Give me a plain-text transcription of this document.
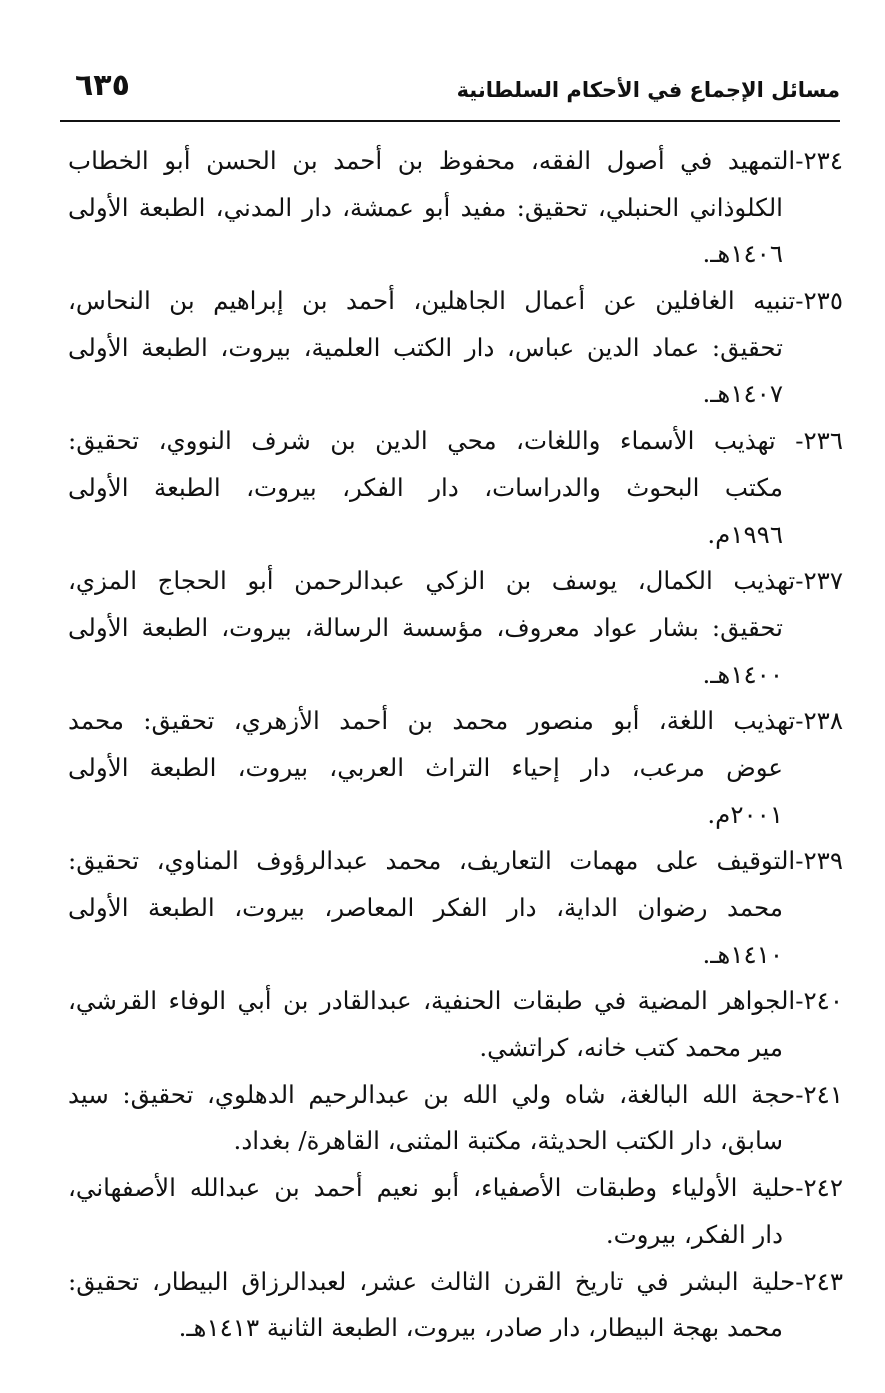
٦٣٥	مسائل الإجماع في الأحكام السلطانية
٢٣٤-التمهيد في أصول الفقه، محفوظ بن أحمد بن الحسن أبو الخطاب
الكلوذاني الحنبلي، تحقيق: مفيد أبو عمشة، دار المدني، الطبعة الأولى
١٤٠٦هـ.
٢٣٥-تنبيه الغافلين عن أعمال الجاهلين، أحمد بن إبراهيم بن النحاس،
تحقيق: عماد الدين عباس، دار الكتب العلمية، بيروت، الطبعة الأولى
١٤٠٧هـ.
٢٣٦- تهذيب الأسماء واللغات، محي الدين بن شرف النووي، تحقيق:
مكتب البحوث والدراسات، دار الفكر، بيروت، الطبعة الأولى
١٩٩٦م.
٢٣٧-تهذيب الكمال، يوسف بن الزكي عبدالرحمن أبو الحجاج المزي،
تحقيق: بشار عواد معروف، مؤسسة الرسالة، بيروت، الطبعة الأولى
١٤٠٠هـ.
٢٣٨-تهذيب اللغة، أبو منصور محمد بن أحمد الأزهري، تحقيق: محمد
عوض مرعب، دار إحياء التراث العربي، بيروت، الطبعة الأولى
٢٠٠١م.
٢٣٩-التوقيف على مهمات التعاريف، محمد عبدالرؤوف المناوي، تحقيق:
محمد رضوان الداية، دار الفكر المعاصر، بيروت، الطبعة الأولى
١٤١٠هـ.
٢٤٠-الجواهر المضية في طبقات الحنفية، عبدالقادر بن أبي الوفاء القرشي،
مير محمد كتب خانه، كراتشي.
٢٤١-حجة الله البالغة، شاه ولي الله بن عبدالرحيم الدهلوي، تحقيق: سيد
سابق، دار الكتب الحديثة، مكتبة المثنى، القاهرة/ بغداد.
٢٤٢-حلية الأولياء وطبقات الأصفياء، أبو نعيم أحمد بن عبدالله الأصفهاني،
دار الفكر، بيروت.
٢٤٣-حلية البشر في تاريخ القرن الثالث عشر، لعبدالرزاق البيطار، تحقيق:
محمد بهجة البيطار، دار صادر، بيروت، الطبعة الثانية ١٤١٣هـ.
